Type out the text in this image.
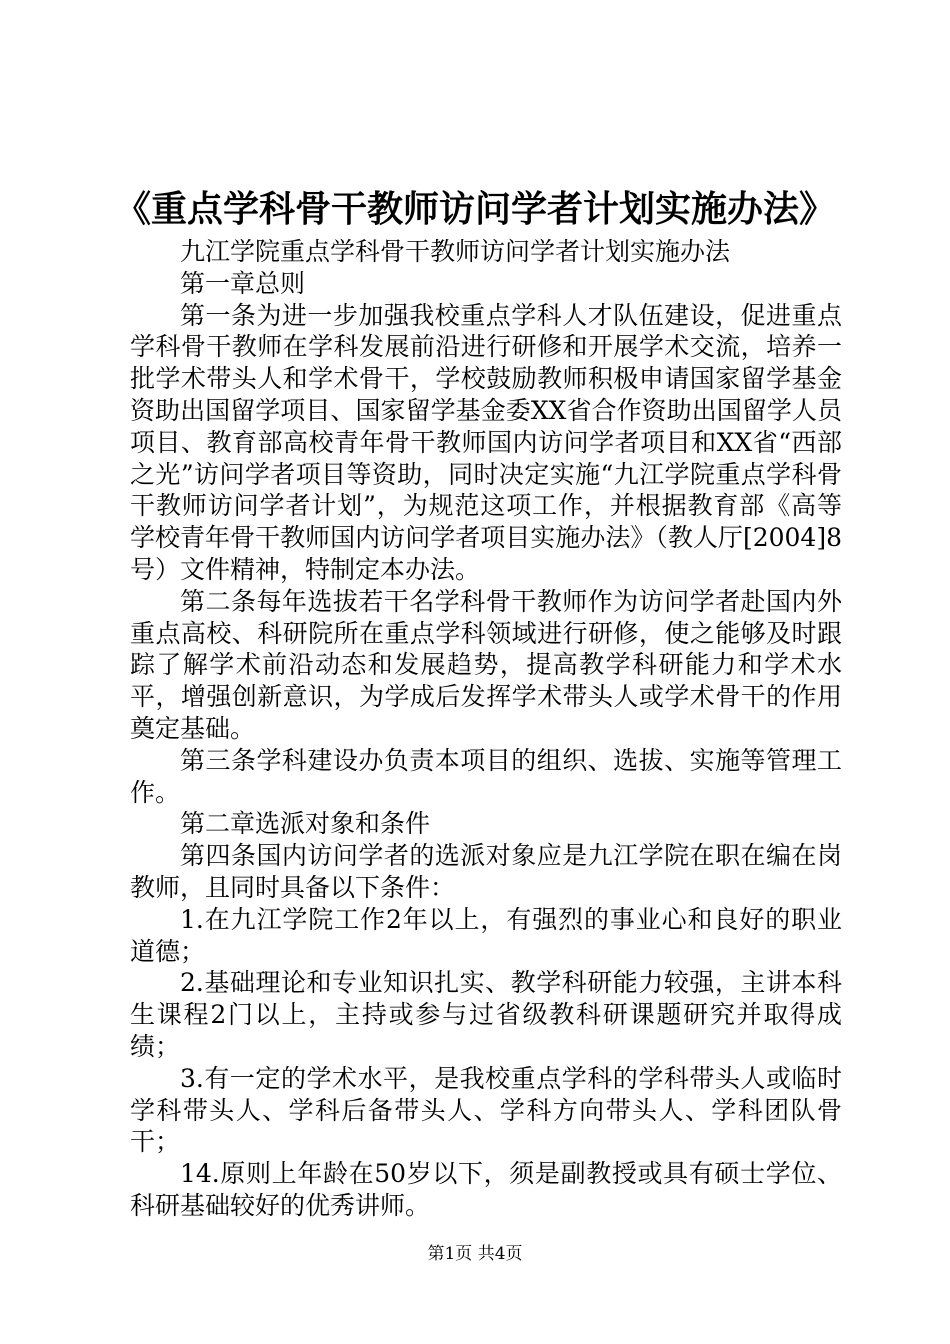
《重点学科骨干教师访问学者计划实施办法》

九江学院重点学科骨干教师访问学者计划实施办法

第一章总则

第一条为进一步加强我校重点学科人才队伍建设，促进重点学科骨干教师在学科发展前沿进行研修和开展学术交流，培养一批学术带头人和学术骨干，学校鼓励教师积极申请国家留学基金资助出国留学项目、国家留学基金委XX省合作资助出国留学人员项目、教育部高校青年骨干教师国内访问学者项目和XX省“西部之光”访问学者项目等资助，同时决定实施“九江学院重点学科骨干教师访问学者计划”，为规范这项工作，并根据教育部《高等学校青年骨干教师国内访问学者项目实施办法》（教人厅[2004]8号）文件精神，特制定本办法。

第二条每年选拔若干名学科骨干教师作为访问学者赴国内外重点高校、科研院所在重点学科领域进行研修，使之能够及时跟踪了解学术前沿动态和发展趋势，提高教学科研能力和学术水平，增强创新意识，为学成后发挥学术带头人或学术骨干的作用奠定基础。

第三条学科建设办负责本项目的组织、选拔、实施等管理工作。

第二章选派对象和条件

第四条国内访问学者的选派对象应是九江学院在职在编在岗教师，且同时具备以下条件：

1.在九江学院工作2年以上，有强烈的事业心和良好的职业道德；

2.基础理论和专业知识扎实、教学科研能力较强，主讲本科生课程2门以上，主持或参与过省级教科研课题研究并取得成绩；

3.有一定的学术水平，是我校重点学科的学科带头人或临时学科带头人、学科后备带头人、学科方向带头人、学科团队骨干；

14.原则上年龄在50岁以下，须是副教授或具有硕士学位、科研基础较好的优秀讲师。

第1页 共4页
